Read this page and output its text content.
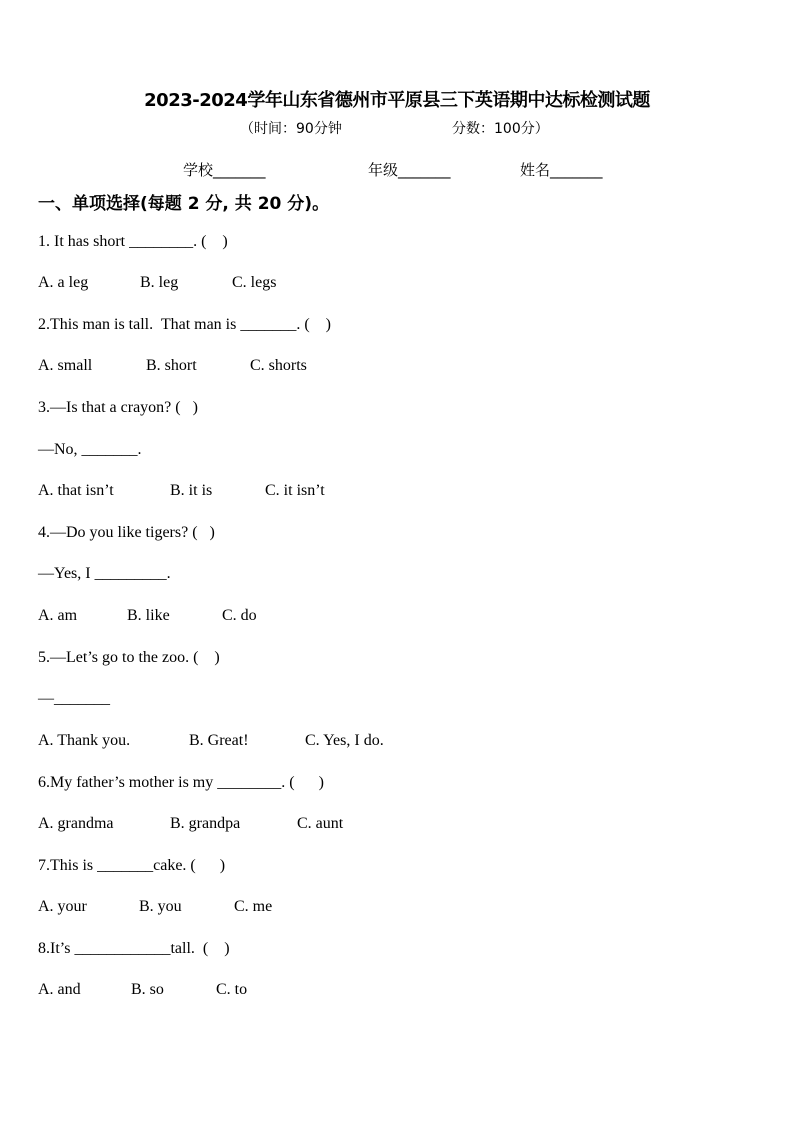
2023-2024学年山东省德州市平原县三下英语期中达标检测试题
（时间：90分钟	分数：100分）
学校_______	年级_______	姓名_______
一、单项选择(每题 2 分, 共 20 分)。
1. It has short ________. (    )
A. a leg	B. leg	C. legs
2.This man is tall.  That man is _______. (    )
A. small	B. short	C. shorts
3.—Is that a crayon? (   )
—No, _______.
A. that isn’t	B. it is	C. it isn’t
4.—Do you like tigers? (   )
—Yes, I _________.
A. am	B. like	C. do
5.—Let’s go to the zoo. (    )
—_______
A. Thank you.	B. Great!	C. Yes, I do.
6.My father’s mother is my ________. (      )
A. grandma	B. grandpa	C. aunt
7.This is _______cake. (      )
A. your	B. you	C. me
8.It’s ____________tall.  (    )
A. and	B. so	C. to
